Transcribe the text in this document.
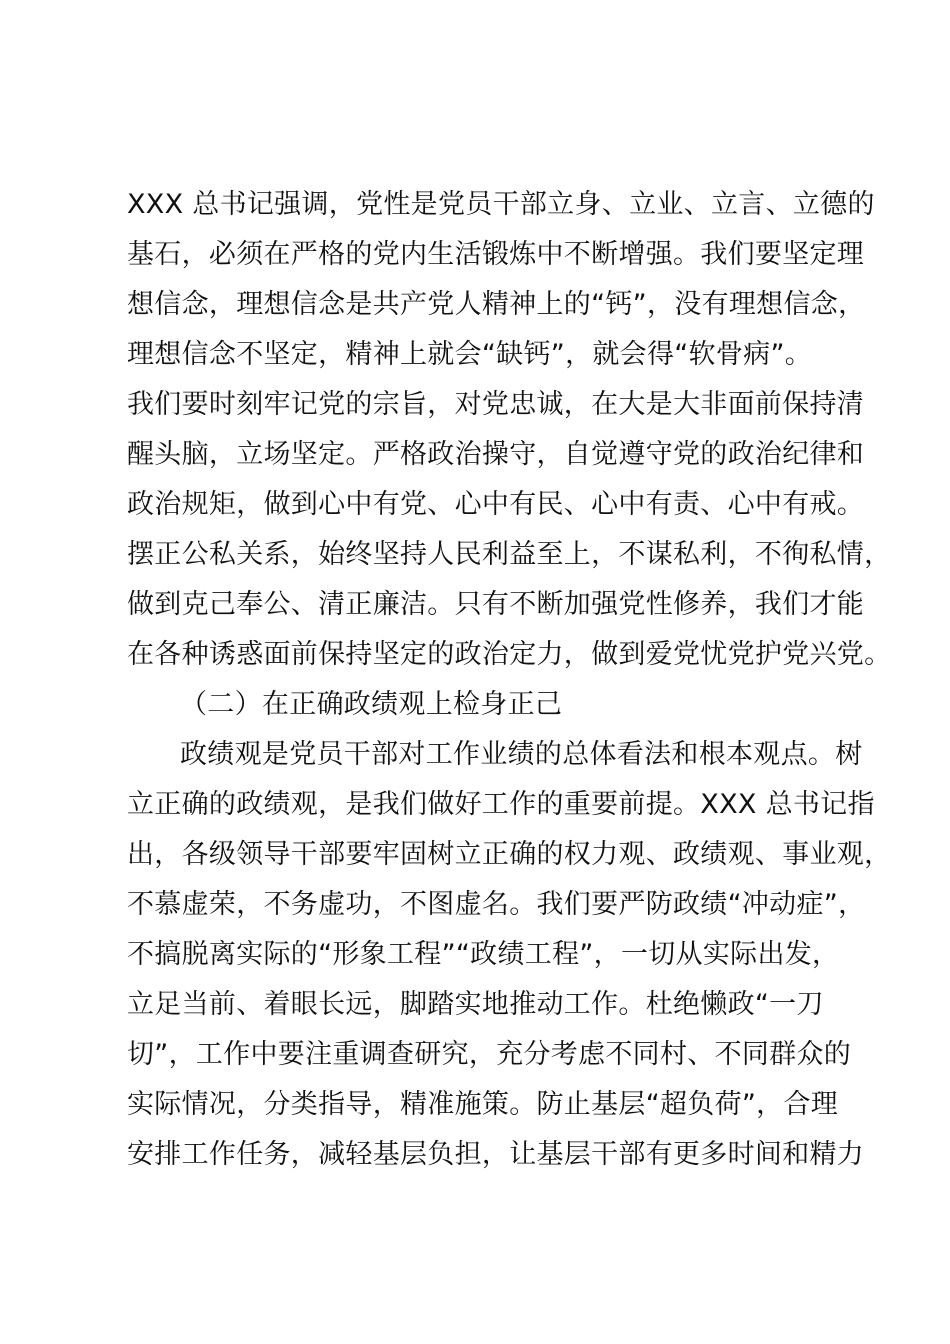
XXX 总书记强调，党性是党员干部立身、立业、立言、立德的
基石，必须在严格的党内生活锻炼中不断增强。我们要坚定理
想信念，理想信念是共产党人精神上的“钙”，没有理想信念，
理想信念不坚定，精神上就会“缺钙”，就会得“软骨病”。
我们要时刻牢记党的宗旨，对党忠诚，在大是大非面前保持清
醒头脑，立场坚定。严格政治操守，自觉遵守党的政治纪律和
政治规矩，做到心中有党、心中有民、心中有责、心中有戒。
摆正公私关系，始终坚持人民利益至上，不谋私利，不徇私情，
做到克己奉公、清正廉洁。只有不断加强党性修养，我们才能
在各种诱惑面前保持坚定的政治定力，做到爱党忧党护党兴党。
（二）在正确政绩观上检身正己
政绩观是党员干部对工作业绩的总体看法和根本观点。树
立正确的政绩观，是我们做好工作的重要前提。XXX 总书记指
出，各级领导干部要牢固树立正确的权力观、政绩观、事业观，
不慕虚荣，不务虚功，不图虚名。我们要严防政绩“冲动症”，
不搞脱离实际的“形象工程”“政绩工程”，一切从实际出发，
立足当前、着眼长远，脚踏实地推动工作。杜绝懒政“一刀
切”，工作中要注重调查研究，充分考虑不同村、不同群众的
实际情况，分类指导，精准施策。防止基层“超负荷”，合理
安排工作任务，减轻基层负担，让基层干部有更多时间和精力
